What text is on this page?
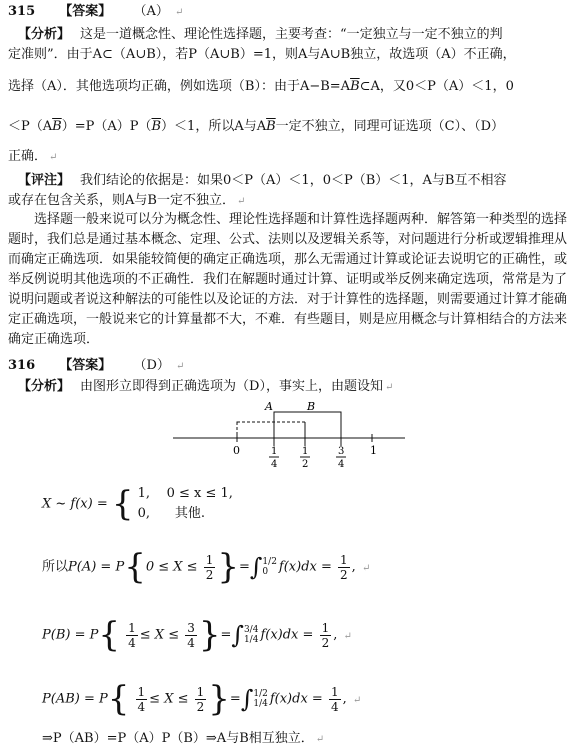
315 【答案】 （A） ↵
【分析】 这是一道概念性、理论性选择题，主要考查：“一定独立与一定不独立的判
定准则”．由于A⊂（A∪B），若P（A∪B）=1，则A与A∪B独立，故选项（A）不正确，
选择（A）．其他选项均正确，例如选项（B）：由于$A-B=A\overline{B}\subset A$，又0＜P（A）＜1，0
$<P(A\overline{B})=P(A)P(\overline{B})<1$，所以A与$A\overline{B}$一定不独立，同理可证选项（C）、（D）
正确． ↵
【评注】 我们结论的依据是：如果0＜P（A）＜1，0＜P（B）＜1，A与B互不相容
或存在包含关系，则A与B一定不独立． ↵
选择题一般来说可以分为概念性、理论性选择题和计算性选择题两种．解答第一种类型的选择题时，我们总是通过基本概念、定理、公式、法则以及逻辑关系等，对问题进行分析或逻辑推理从而确定正确选项．如果能较简便的确定正确选项，那么无需通过计算或论证去说明它的正确性，或举反例说明其他选项的不正确性．我们在解题时通过计算、证明或举反例来确定选项，常常是为了说明问题或者说这种解法的可能性以及论证的方法．对于计算性的选择题，则需要通过计算才能确定正确选项，一般说来它的计算量都不大，不难．有些题目，则是应用概念与计算相结合的方法来确定正确选项．
316 【答案】 （D） ↵
【分析】 由图形立即得到正确选项为（D），事实上，由题设知 ↵
A	B
0	1
1
4
1
2
3
4
X ~ f(x) = { 1, 0 ≤ x ≤ 1,
0, 其他.
所以$P(A) = P\{0 \le X \le \frac{1}{2}$ }=∫ 1/2
0 $f(x)dx = \frac{1}{2}$ , ↵
$P(B) = P\{ \frac{1}{4} \le X \le \frac{3}{4}$ }=∫ 3/4
1/4 $f(x)dx = \frac{1}{2}$ , ↵
$P(AB) = P\{ \frac{1}{4} \le X \le \frac{1}{2}$ }=∫ 1/2
1/4 $f(x)dx = \frac{1}{4}$ , ↵
⇒P（AB）=P（A）P（B）⇒A与B相互独立． ↵
